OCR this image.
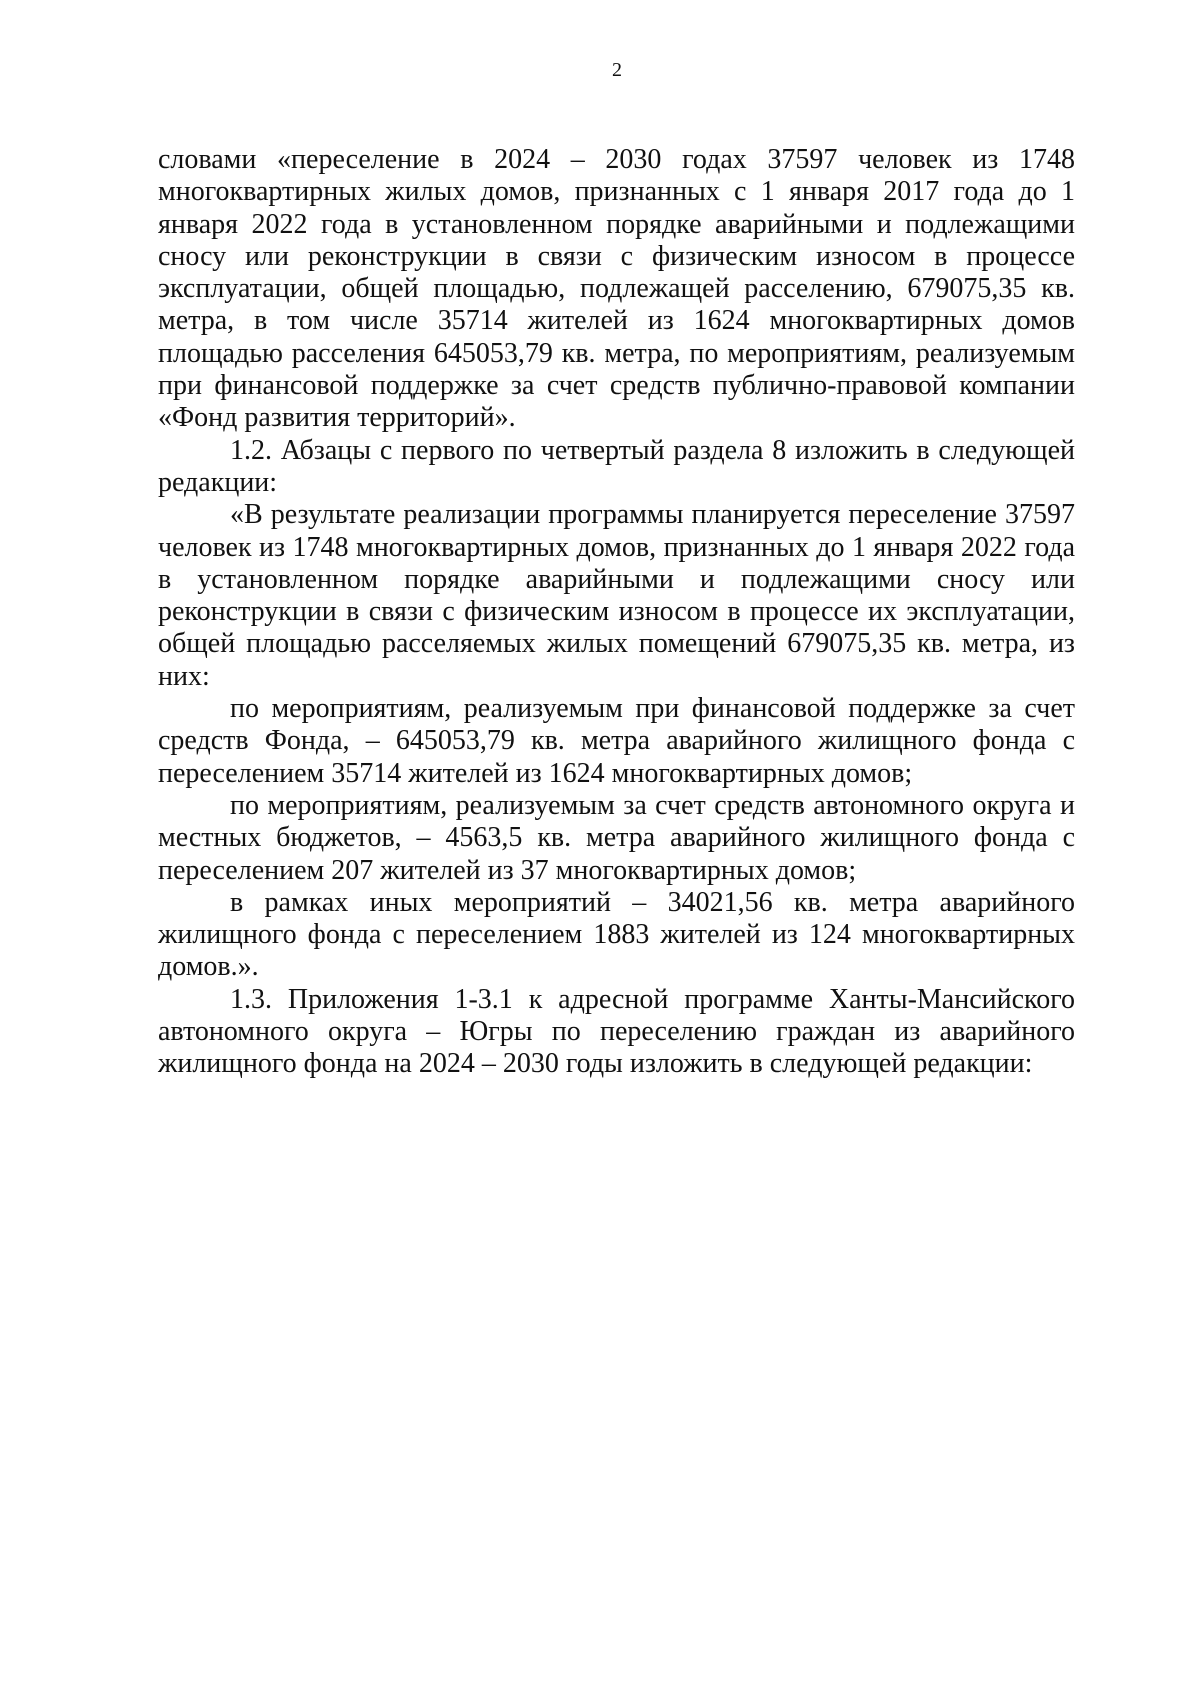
2

словами «переселение в 2024 – 2030 годах 37597 человек из 1748 многоквартирных жилых домов, признанных с 1 января 2017 года до 1 января 2022 года в установленном порядке аварийными и подлежащими сносу или реконструкции в связи с физическим износом в процессе эксплуатации, общей площадью, подлежащей расселению, 679075,35 кв. метра, в том числе 35714 жителей из 1624 многоквартирных домов площадью расселения 645053,79 кв. метра, по мероприятиям, реализуемым при финансовой поддержке за счет средств публично-правовой компании «Фонд развития территорий».

1.2. Абзацы с первого по четвертый раздела 8 изложить в следующей редакции:

«В результате реализации программы планируется переселение 37597 человек из 1748 многоквартирных домов, признанных до 1 января 2022 года в установленном порядке аварийными и подлежащими сносу или реконструкции в связи с физическим износом в процессе их эксплуатации, общей площадью расселяемых жилых помещений 679075,35 кв. метра, из них:

по мероприятиям, реализуемым при финансовой поддержке за счет средств Фонда, – 645053,79 кв. метра аварийного жилищного фонда с переселением 35714 жителей из 1624 многоквартирных домов;

по мероприятиям, реализуемым за счет средств автономного округа и местных бюджетов, – 4563,5 кв. метра аварийного жилищного фонда с переселением 207 жителей из 37 многоквартирных домов;

в рамках иных мероприятий – 34021,56 кв. метра аварийного жилищного фонда с переселением 1883 жителей из 124 многоквартирных домов.».

1.3. Приложения 1-3.1 к адресной программе Ханты-Мансийского автономного округа – Югры по переселению граждан из аварийного жилищного фонда на 2024 – 2030 годы изложить в следующей редакции:
